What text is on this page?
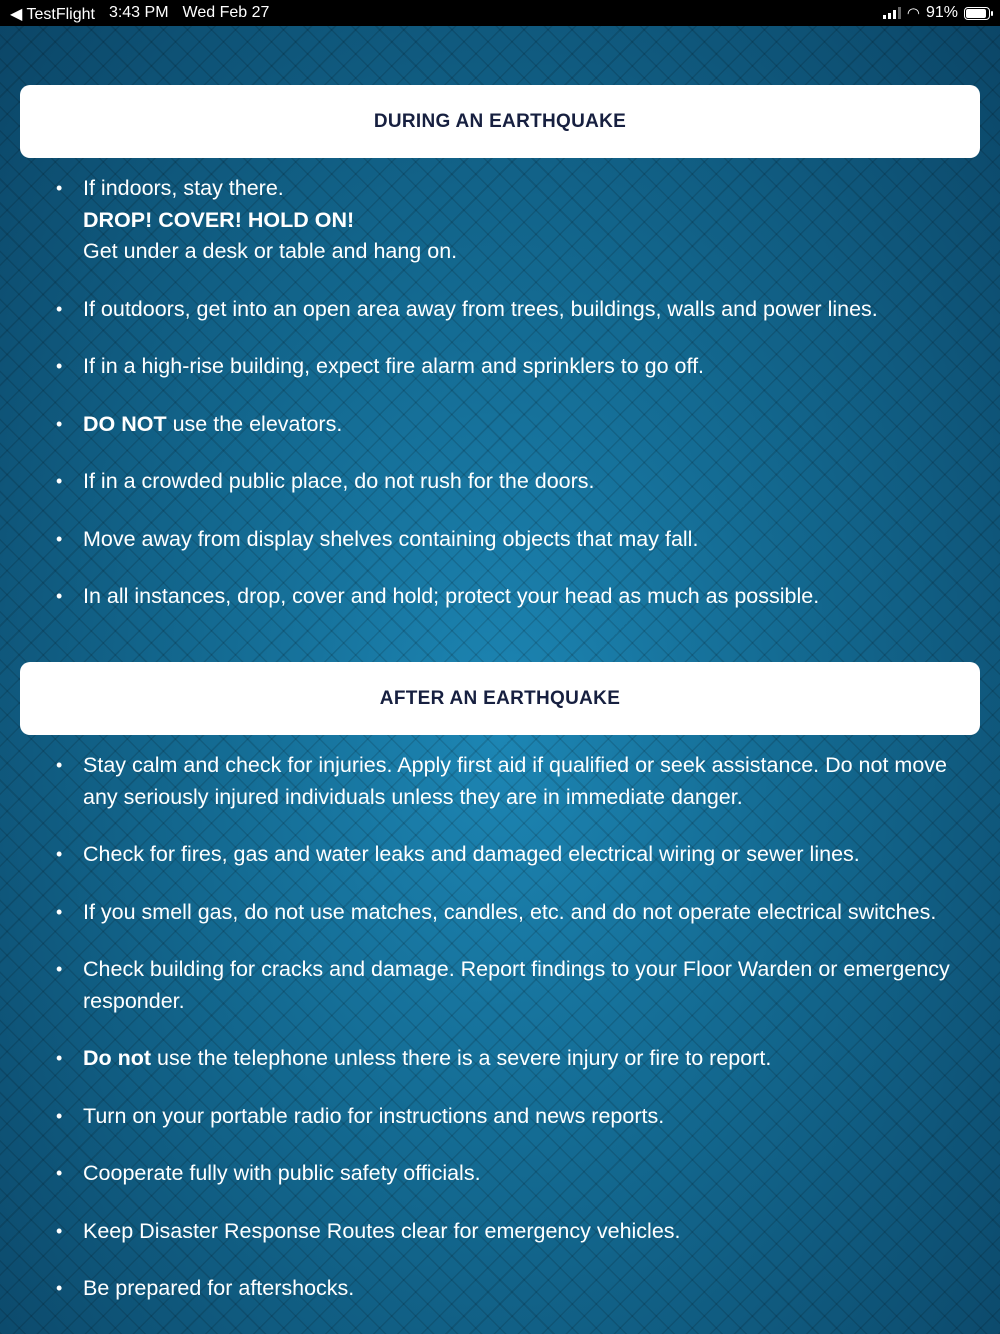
◀ TestFlight 3:43 PM Wed Feb 27	◠ 91%
DURING AN EARTHQUAKE
• If indoors, stay there.
DROP! COVER! HOLD ON!
Get under a desk or table and hang on.
• If outdoors, get into an open area away from trees, buildings, walls and power lines.
• If in a high-rise building, expect fire alarm and sprinklers to go off.
• DO NOT use the elevators.
• If in a crowded public place, do not rush for the doors.
• Move away from display shelves containing objects that may fall.
• In all instances, drop, cover and hold; protect your head as much as possible.
AFTER AN EARTHQUAKE
• Stay calm and check for injuries. Apply first aid if qualified or seek assistance. Do not move any seriously injured individuals unless they are in immediate danger.
• Check for fires, gas and water leaks and damaged electrical wiring or sewer lines.
• If you smell gas, do not use matches, candles, etc. and do not operate electrical switches.
• Check building for cracks and damage. Report findings to your Floor Warden or emergency responder.
• Do not use the telephone unless there is a severe injury or fire to report.
• Turn on your portable radio for instructions and news reports.
• Cooperate fully with public safety officials.
• Keep Disaster Response Routes clear for emergency vehicles.
• Be prepared for aftershocks.
